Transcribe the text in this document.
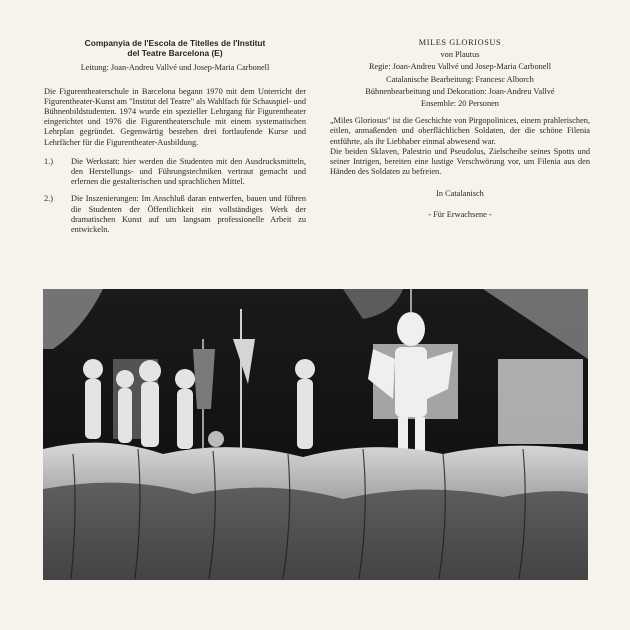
Companyia de l'Escola de Titelles de l'Institut
del Teatre Barcelona (E)
Leitung: Joan-Andreu Vallvé und Josep-Maria Carbonell
Die Figurentheaterschule in Barcelona begann 1970 mit dem Unterricht der Figurentheater-Kunst am "Institut del Teatre" als Wahlfach für Schauspiel- und Bühnenbildstudenten. 1974 wurde ein spezieller Lehrgang für Figurentheater eingerichtet und 1976 die Figurentheaterschule mit einem systematischen Lehrplan gegründet. Gegenwärtig bestehen drei fortlaufende Kurse und Lehrfächer für die Figurentheater-Ausbildung.
1.)	Die Werkstatt: hier werden die Studenten mit den Ausdrucksmitteln, den Herstellungs- und Führungstechniken vertraut gemacht und erlernen die gestalterischen und sprachlichen Mittel.
2.)	Die Inszenierungen: Im Anschluß daran entwerfen, bauen und führen die Studenten der Öffentlichkeit ein vollständiges Werk der dramatischen Kunst auf um langsam professionelle Arbeit zu entwickeln.
MILES GLORIOSUS
von Plautus
Regie: Joan-Andreu Vallvé und Josep-Maria Carbonell
Catalanische Bearbeitung: Francesc Alborch
Bühnenbearbeitung und Dekoration: Joan-Andreu Vallvé
Ensemble: 20 Personen
„Miles Gloriosus" ist die Geschichte von Pirgopolinices, einem prahlerischen, eitlen, anmaßenden und oberflächlichen Soldaten, der die schöne Filenia entführte, als ihr Liebhaber einmal abwesend war.
Die beiden Sklaven, Palestrio und Pseudolus, Zielscheibe seines Spotts und seiner Intrigen, bereiten eine lustige Verschwörung vor, um Filenia aus den Händen des Soldaten zu befreien.
In Catalanisch
- Für Erwachsene -
